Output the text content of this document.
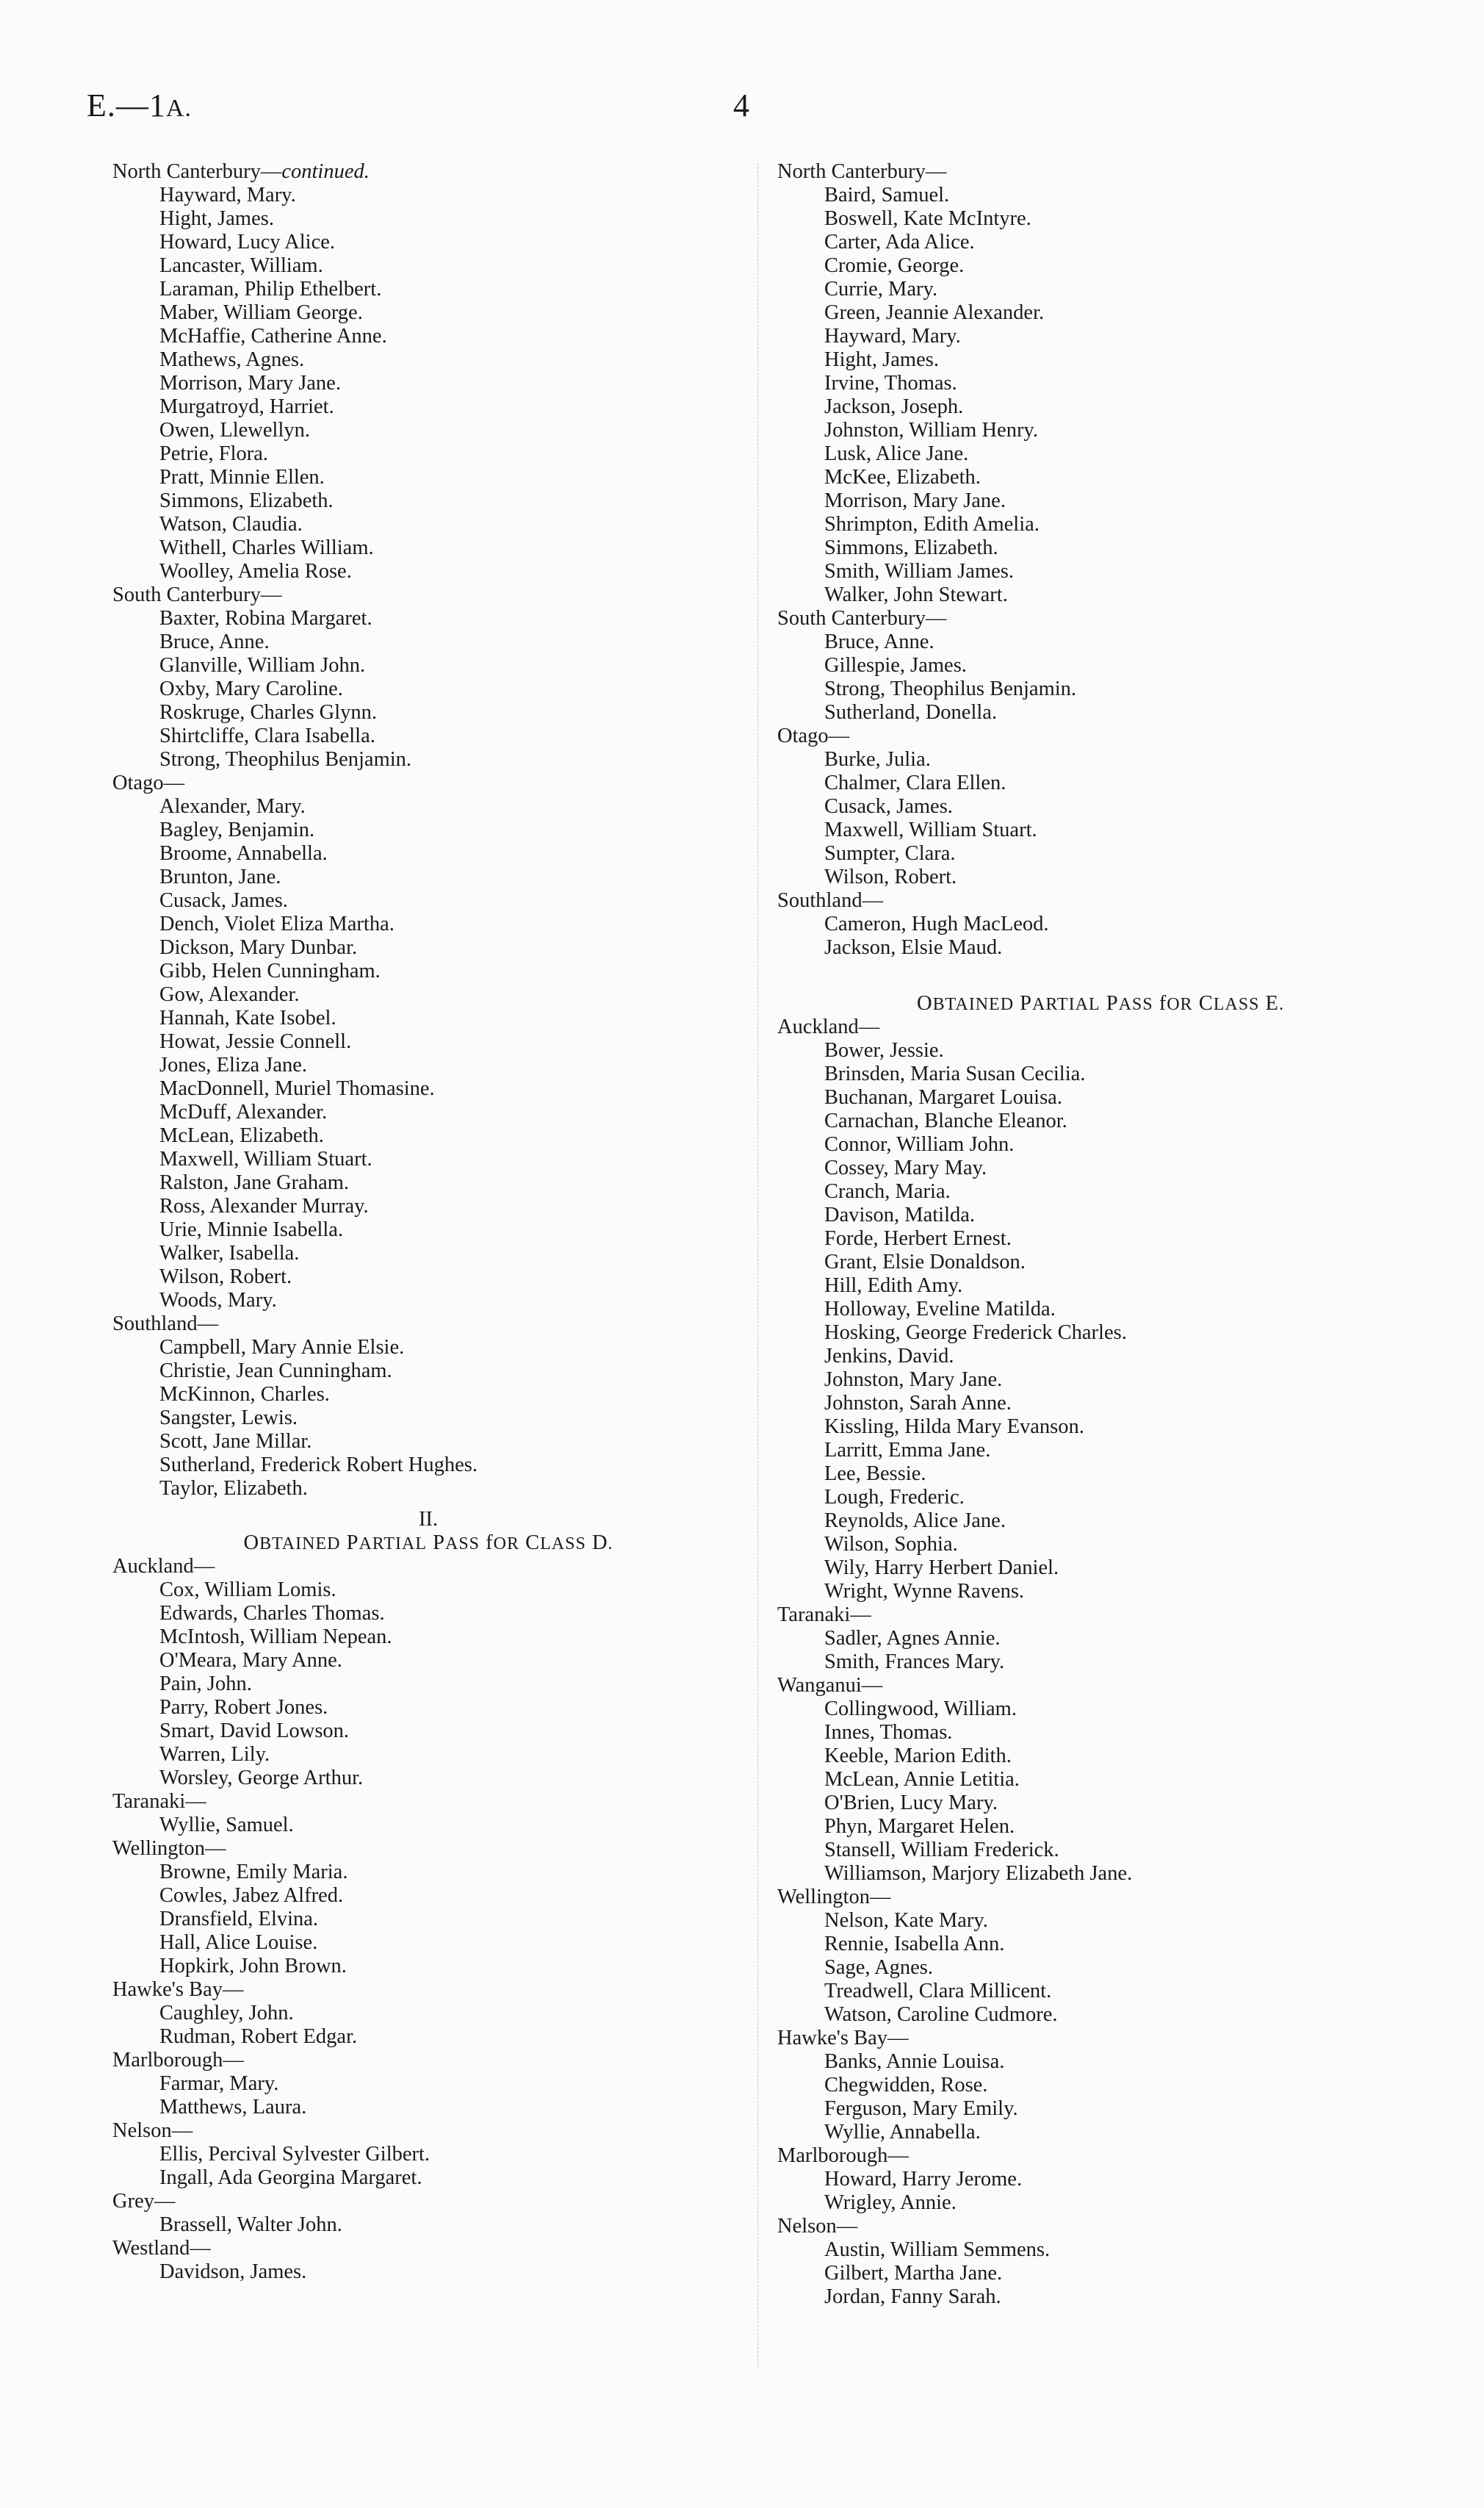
E.—1A.	4
North Canterbury—continued.
Hayward, Mary.
Hight, James.
Howard, Lucy Alice.
Lancaster, William.
Laraman, Philip Ethelbert.
Maber, William George.
McHaffie, Catherine Anne.
Mathews, Agnes.
Morrison, Mary Jane.
Murgatroyd, Harriet.
Owen, Llewellyn.
Petrie, Flora.
Pratt, Minnie Ellen.
Simmons, Elizabeth.
Watson, Claudia.
Withell, Charles William.
Woolley, Amelia Rose.
South Canterbury—
Baxter, Robina Margaret.
Bruce, Anne.
Glanville, William John.
Oxby, Mary Caroline.
Roskruge, Charles Glynn.
Shirtcliffe, Clara Isabella.
Strong, Theophilus Benjamin.
Otago—
Alexander, Mary.
Bagley, Benjamin.
Broome, Annabella.
Brunton, Jane.
Cusack, James.
Dench, Violet Eliza Martha.
Dickson, Mary Dunbar.
Gibb, Helen Cunningham.
Gow, Alexander.
Hannah, Kate Isobel.
Howat, Jessie Connell.
Jones, Eliza Jane.
MacDonnell, Muriel Thomasine.
McDuff, Alexander.
McLean, Elizabeth.
Maxwell, William Stuart.
Ralston, Jane Graham.
Ross, Alexander Murray.
Urie, Minnie Isabella.
Walker, Isabella.
Wilson, Robert.
Woods, Mary.
Southland—
Campbell, Mary Annie Elsie.
Christie, Jean Cunningham.
McKinnon, Charles.
Sangster, Lewis.
Scott, Jane Millar.
Sutherland, Frederick Robert Hughes.
Taylor, Elizabeth.
II.
OBTAINED PARTIAL PASS fOR CLASS D.
Auckland—
Cox, William Lomis.
Edwards, Charles Thomas.
McIntosh, William Nepean.
O'Meara, Mary Anne.
Pain, John.
Parry, Robert Jones.
Smart, David Lowson.
Warren, Lily.
Worsley, George Arthur.
Taranaki—
Wyllie, Samuel.
Wellington—
Browne, Emily Maria.
Cowles, Jabez Alfred.
Dransfield, Elvina.
Hall, Alice Louise.
Hopkirk, John Brown.
Hawke's Bay—
Caughley, John.
Rudman, Robert Edgar.
Marlborough—
Farmar, Mary.
Matthews, Laura.
Nelson—
Ellis, Percival Sylvester Gilbert.
Ingall, Ada Georgina Margaret.
Grey—
Brassell, Walter John.
Westland—
Davidson, James.
North Canterbury—
Baird, Samuel.
Boswell, Kate McIntyre.
Carter, Ada Alice.
Cromie, George.
Currie, Mary.
Green, Jeannie Alexander.
Hayward, Mary.
Hight, James.
Irvine, Thomas.
Jackson, Joseph.
Johnston, William Henry.
Lusk, Alice Jane.
McKee, Elizabeth.
Morrison, Mary Jane.
Shrimpton, Edith Amelia.
Simmons, Elizabeth.
Smith, William James.
Walker, John Stewart.
South Canterbury—
Bruce, Anne.
Gillespie, James.
Strong, Theophilus Benjamin.
Sutherland, Donella.
Otago—
Burke, Julia.
Chalmer, Clara Ellen.
Cusack, James.
Maxwell, William Stuart.
Sumpter, Clara.
Wilson, Robert.
Southland—
Cameron, Hugh MacLeod.
Jackson, Elsie Maud.
OBTAINED PARTIAL PASS fOR CLASS E.
Auckland—
Bower, Jessie.
Brinsden, Maria Susan Cecilia.
Buchanan, Margaret Louisa.
Carnachan, Blanche Eleanor.
Connor, William John.
Cossey, Mary May.
Cranch, Maria.
Davison, Matilda.
Forde, Herbert Ernest.
Grant, Elsie Donaldson.
Hill, Edith Amy.
Holloway, Eveline Matilda.
Hosking, George Frederick Charles.
Jenkins, David.
Johnston, Mary Jane.
Johnston, Sarah Anne.
Kissling, Hilda Mary Evanson.
Larritt, Emma Jane.
Lee, Bessie.
Lough, Frederic.
Reynolds, Alice Jane.
Wilson, Sophia.
Wily, Harry Herbert Daniel.
Wright, Wynne Ravens.
Taranaki—
Sadler, Agnes Annie.
Smith, Frances Mary.
Wanganui—
Collingwood, William.
Innes, Thomas.
Keeble, Marion Edith.
McLean, Annie Letitia.
O'Brien, Lucy Mary.
Phyn, Margaret Helen.
Stansell, William Frederick.
Williamson, Marjory Elizabeth Jane.
Wellington—
Nelson, Kate Mary.
Rennie, Isabella Ann.
Sage, Agnes.
Treadwell, Clara Millicent.
Watson, Caroline Cudmore.
Hawke's Bay—
Banks, Annie Louisa.
Chegwidden, Rose.
Ferguson, Mary Emily.
Wyllie, Annabella.
Marlborough—
Howard, Harry Jerome.
Wrigley, Annie.
Nelson—
Austin, William Semmens.
Gilbert, Martha Jane.
Jordan, Fanny Sarah.
